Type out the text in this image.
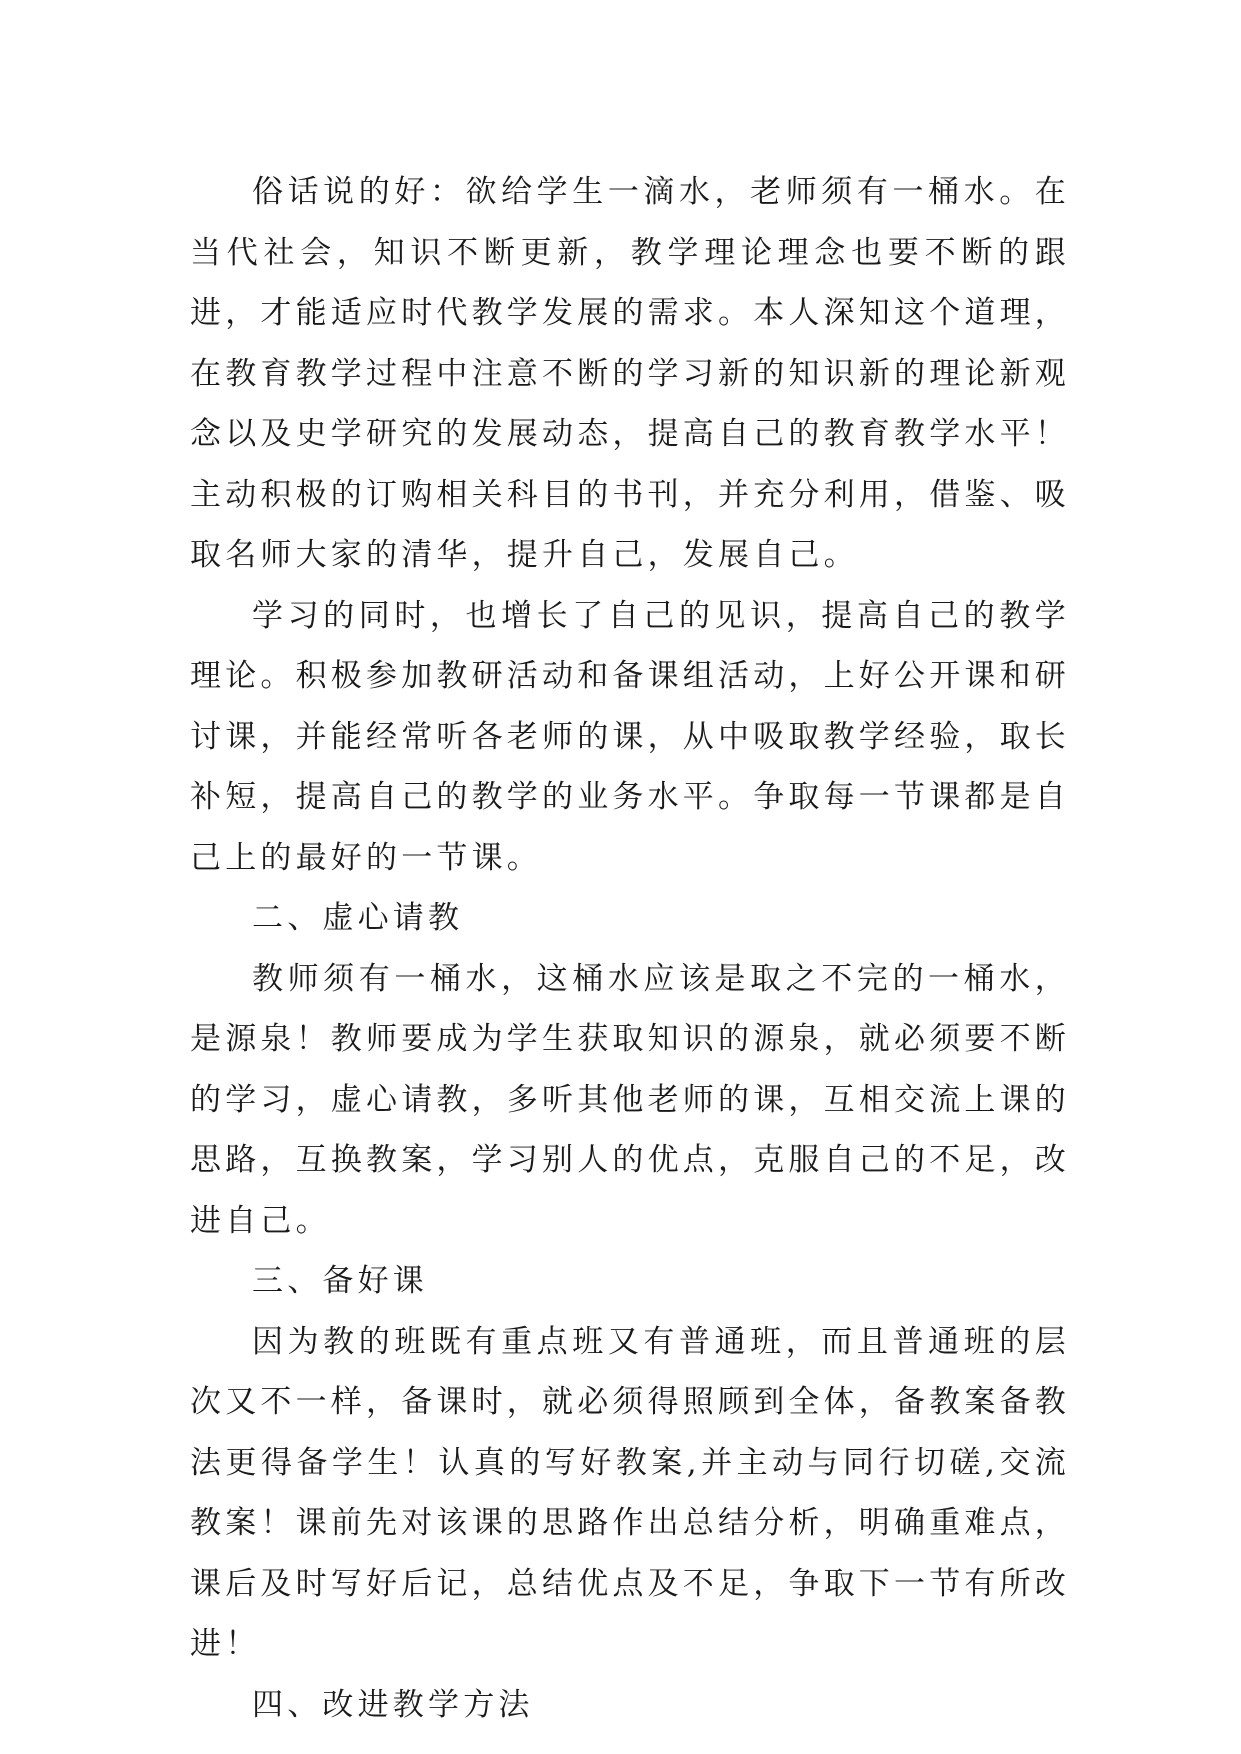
俗话说的好：欲给学生一滴水，老师须有一桶水。在当代社会，知识不断更新，教学理论理念也要不断的跟进，才能适应时代教学发展的需求。本人深知这个道理，在教育教学过程中注意不断的学习新的知识新的理论新观念以及史学研究的发展动态，提高自己的教育教学水平！主动积极的订购相关科目的书刊，并充分利用，借鉴、吸取名师大家的清华，提升自己，发展自己。

学习的同时，也增长了自己的见识，提高自己的教学理论。积极参加教研活动和备课组活动，上好公开课和研讨课，并能经常听各老师的课，从中吸取教学经验，取长补短，提高自己的教学的业务水平。争取每一节课都是自己上的最好的一节课。

二、虚心请教

教师须有一桶水，这桶水应该是取之不完的一桶水，是源泉！教师要成为学生获取知识的源泉，就必须要不断的学习，虚心请教，多听其他老师的课，互相交流上课的思路，互换教案，学习别人的优点，克服自己的不足，改进自己。

三、备好课

因为教的班既有重点班又有普通班，而且普通班的层次又不一样，备课时，就必须得照顾到全体，备教案备教法更得备学生！认真的写好教案,并主动与同行切磋,交流教案！课前先对该课的思路作出总结分析，明确重难点，课后及时写好后记，总结优点及不足，争取下一节有所改进！

四、改进教学方法
